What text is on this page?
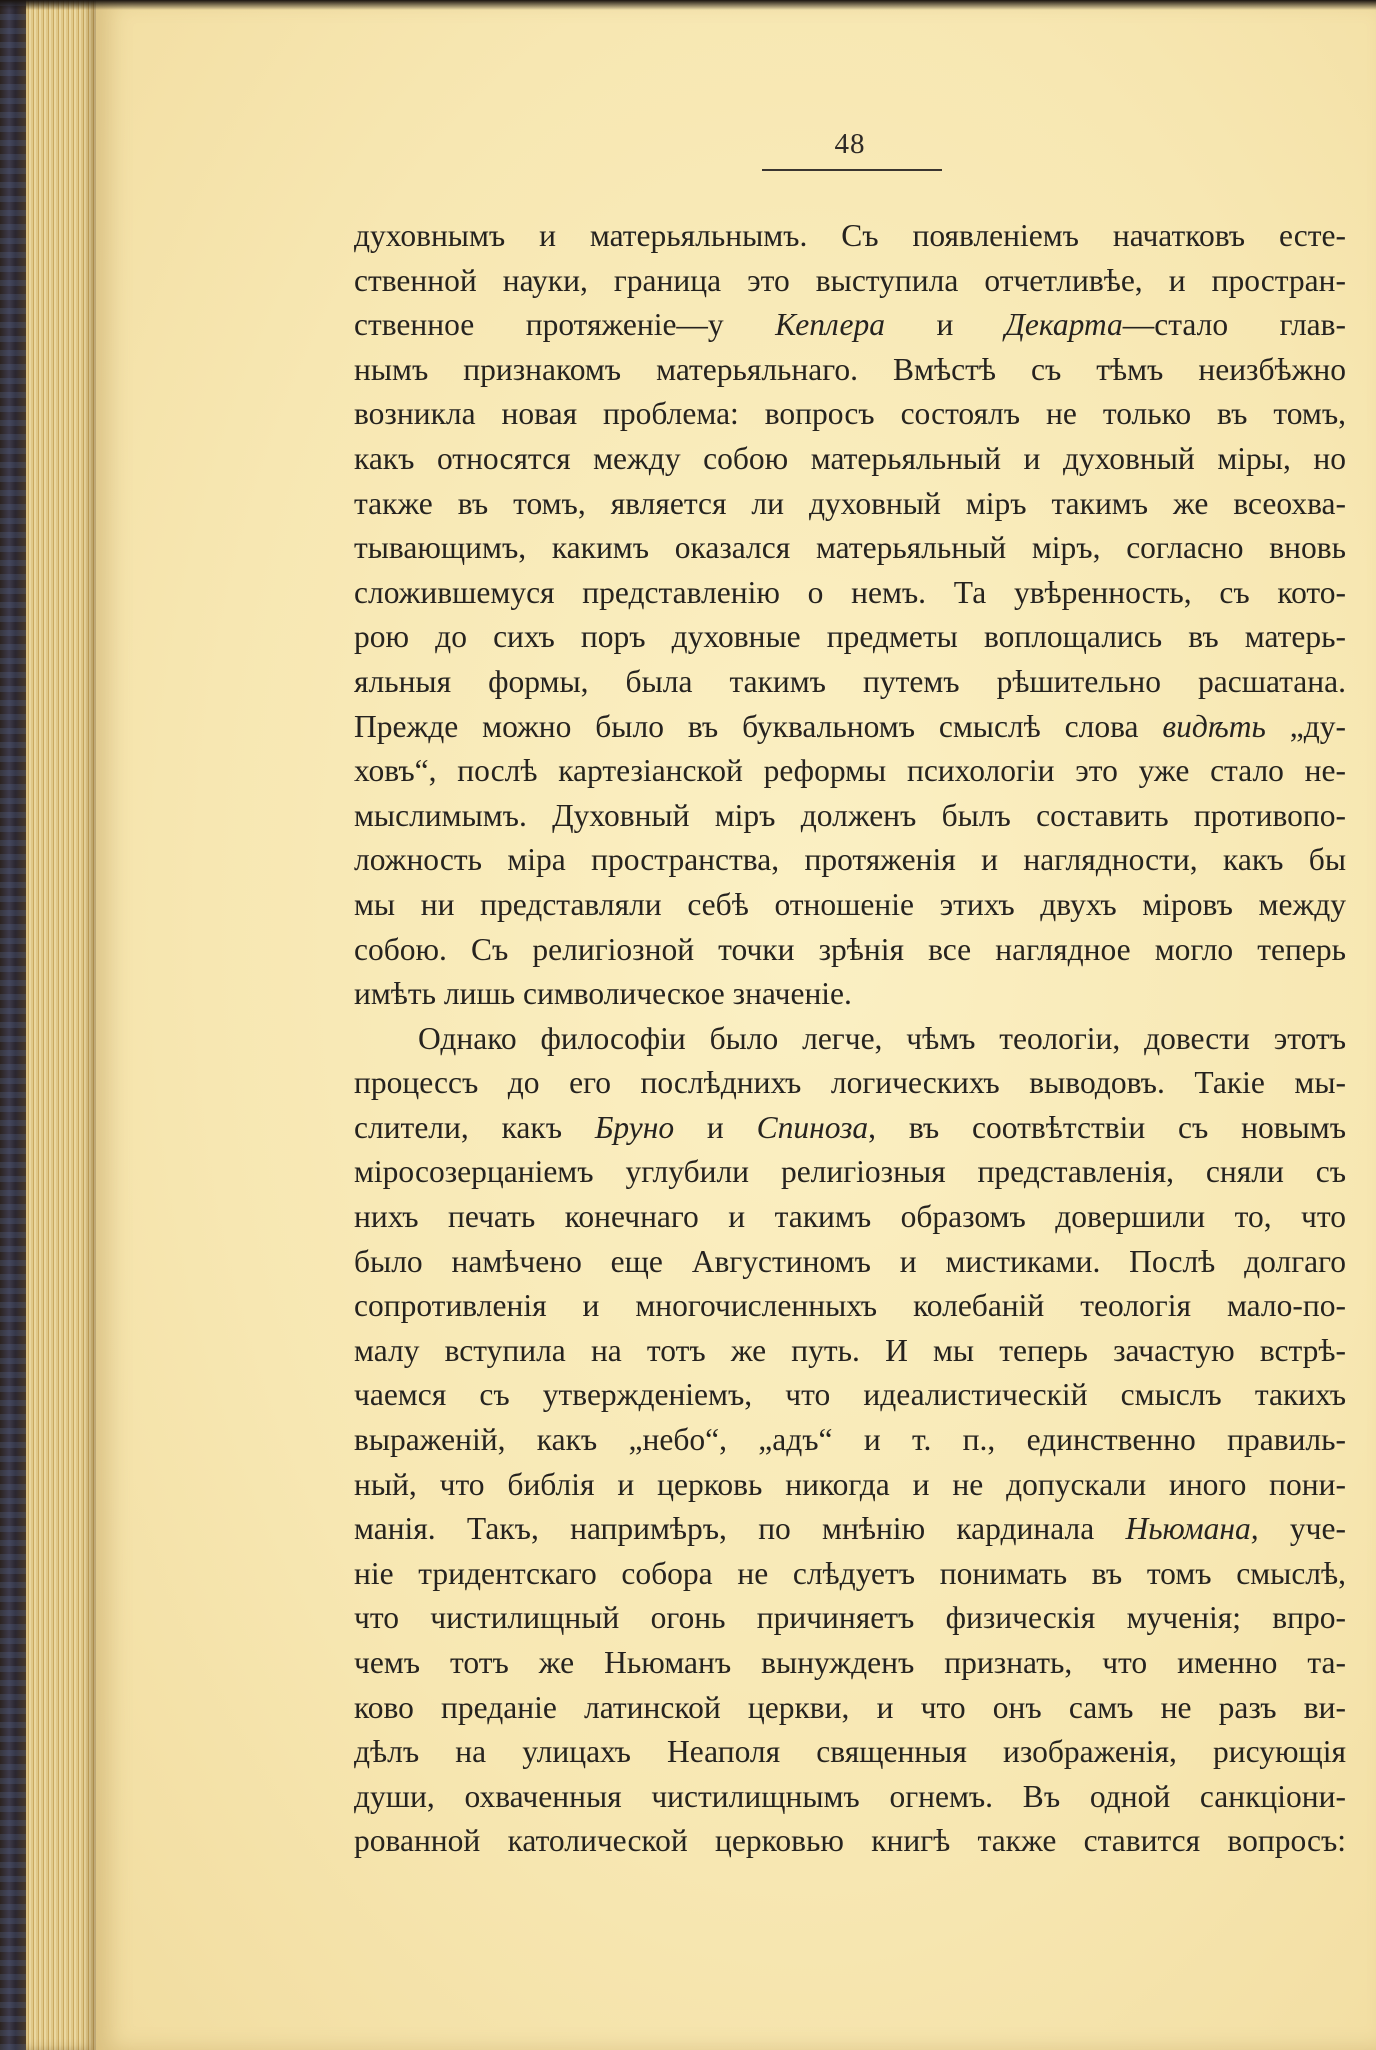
48
духовнымъ и матерьяльнымъ. Съ появленіемъ начатковъ есте-
ственной науки, граница это выступила отчетливѣе, и простран-
ственное протяженіе—у Кеплера и Декарта—стало глав-
нымъ признакомъ матерьяльнаго. Вмѣстѣ съ тѣмъ неизбѣжно
возникла новая проблема: вопросъ состоялъ не только въ томъ,
какъ относятся между собою матерьяльный и духовный міры, но
также въ томъ, является ли духовный міръ такимъ же всеохва-
тывающимъ, какимъ оказался матерьяльный міръ, согласно вновь
сложившемуся представленію о немъ. Та увѣренность, съ кото-
рою до сихъ поръ духовные предметы воплощались въ матерь-
яльныя формы, была такимъ путемъ рѣшительно расшатана.
Прежде можно было въ буквальномъ смыслѣ слова видѣть „ду-
ховъ“, послѣ картезіанской реформы психологіи это уже стало не-
мыслимымъ. Духовный міръ долженъ былъ составить противопо-
ложность міра пространства, протяженія и наглядности, какъ бы
мы ни представляли себѣ отношеніе этихъ двухъ міровъ между
собою. Съ религіозной точки зрѣнія все наглядное могло теперь
имѣть лишь символическое значеніе.
Однако философіи было легче, чѣмъ теологіи, довести этотъ
процессъ до его послѣднихъ логическихъ выводовъ. Такіе мы-
слители, какъ Бруно и Спиноза, въ соотвѣтствіи съ новымъ
міросозерцаніемъ углубили религіозныя представленія, сняли съ
нихъ печать конечнаго и такимъ образомъ довершили то, что
было намѣчено еще Августиномъ и мистиками. Послѣ долгаго
сопротивленія и многочисленныхъ колебаній теологія мало-по-
малу вступила на тотъ же путь. И мы теперь зачастую встрѣ-
чаемся съ утвержденіемъ, что идеалистическій смыслъ такихъ
выраженій, какъ „небо“, „адъ“ и т. п., единственно правиль-
ный, что библія и церковь никогда и не допускали иного пони-
манія. Такъ, напримѣръ, по мнѣнію кардинала Ньюмана, уче-
ніе тридентскаго собора не слѣдуетъ понимать въ томъ смыслѣ,
что чистилищный огонь причиняетъ физическія мученія; впро-
чемъ тотъ же Ньюманъ вынужденъ признать, что именно та-
ково преданіе латинской церкви, и что онъ самъ не разъ ви-
дѣлъ на улицахъ Неаполя священныя изображенія, рисующія
души, охваченныя чистилищнымъ огнемъ. Въ одной санкціони-
рованной католической церковью книгѣ также ставится вопросъ:
